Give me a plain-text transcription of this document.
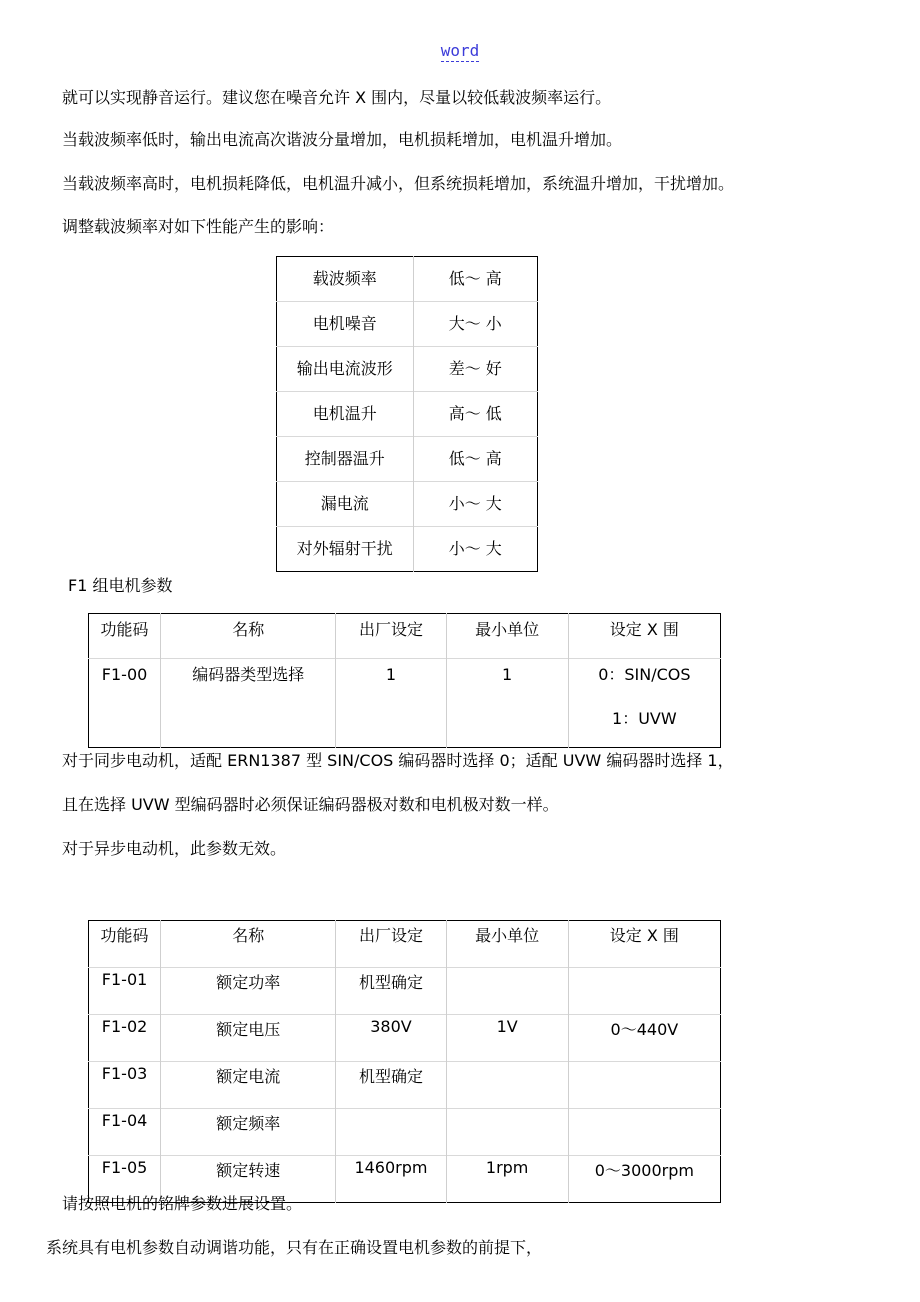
word
就可以实现静音运行。建议您在噪音允许 X 围内，尽量以较低载波频率运行。
当载波频率低时，输出电流高次谐波分量增加，电机损耗增加，电机温升增加。
当载波频率高时，电机损耗降低，电机温升减小，但系统损耗增加，系统温升增加，干扰增加。
调整载波频率对如下性能产生的影响：
载波频率	低～ 高
电机噪音	大～ 小
输出电流波形	差～ 好
电机温升	高～ 低
控制器温升	低～ 高
漏电流	小～ 大
对外辐射干扰	小～ 大
F1 组电机参数
功能码	名称	出厂设定	最小单位	设定 X 围
F1-00	编码器类型选择	1	1	0：SIN/COS
1：UVW
对于同步电动机，适配 ERN1387 型 SIN/COS 编码器时选择 0；适配 UVW 编码器时选择 1，
且在选择 UVW 型编码器时必须保证编码器极对数和电机极对数一样。
对于异步电动机，此参数无效。
功能码	名称	出厂设定	最小单位	设定 X 围
F1-01	额定功率	机型确定		
F1-02	额定电压	380V	1V	0～440V
F1-03	额定电流	机型确定		
F1-04	额定频率			
F1-05	额定转速	1460rpm	1rpm	0～3000rpm
请按照电机的铭牌参数进展设置。
系统具有电机参数自动调谐功能，只有在正确设置电机参数的前提下，
